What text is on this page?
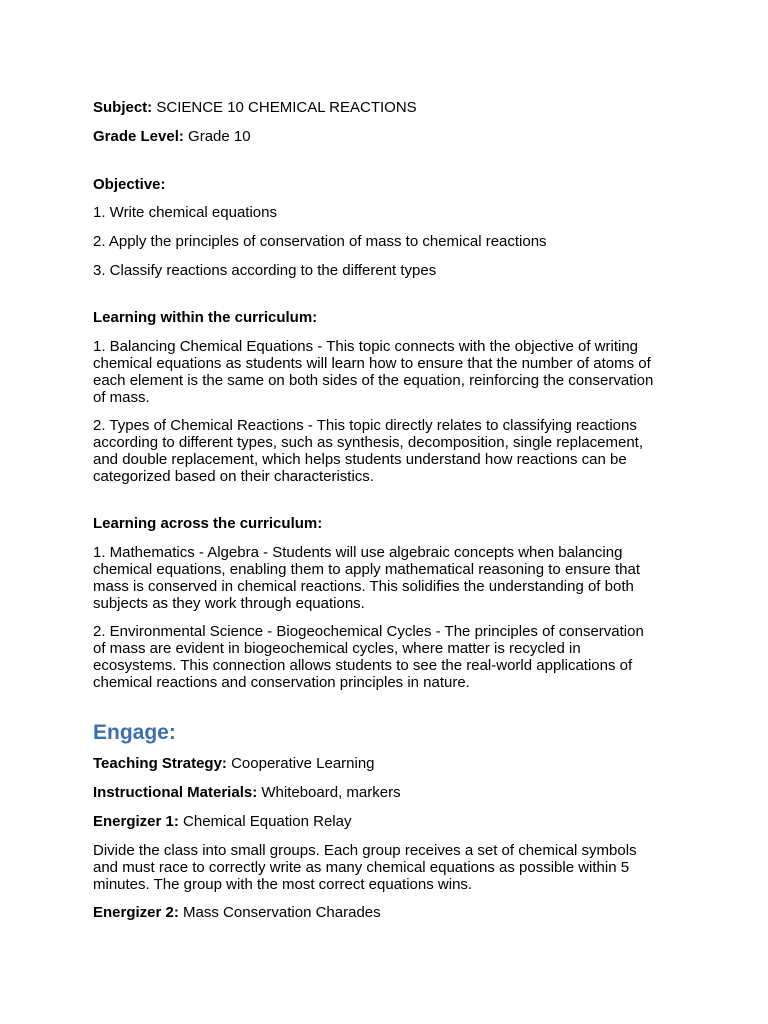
Subject: SCIENCE 10 CHEMICAL REACTIONS
Grade Level: Grade 10
Objective:
1. Write chemical equations
2. Apply the principles of conservation of mass to chemical reactions
3. Classify reactions according to the different types
Learning within the curriculum:
1. Balancing Chemical Equations - This topic connects with the objective of writing
chemical equations as students will learn how to ensure that the number of atoms of
each element is the same on both sides of the equation, reinforcing the conservation
of mass.
2. Types of Chemical Reactions - This topic directly relates to classifying reactions
according to different types, such as synthesis, decomposition, single replacement,
and double replacement, which helps students understand how reactions can be
categorized based on their characteristics.
Learning across the curriculum:
1. Mathematics - Algebra - Students will use algebraic concepts when balancing
chemical equations, enabling them to apply mathematical reasoning to ensure that
mass is conserved in chemical reactions. This solidifies the understanding of both
subjects as they work through equations.
2. Environmental Science - Biogeochemical Cycles - The principles of conservation
of mass are evident in biogeochemical cycles, where matter is recycled in
ecosystems. This connection allows students to see the real-world applications of
chemical reactions and conservation principles in nature.
Engage:
Teaching Strategy: Cooperative Learning
Instructional Materials: Whiteboard, markers
Energizer 1: Chemical Equation Relay
Divide the class into small groups. Each group receives a set of chemical symbols
and must race to correctly write as many chemical equations as possible within 5
minutes. The group with the most correct equations wins.
Energizer 2: Mass Conservation Charades
